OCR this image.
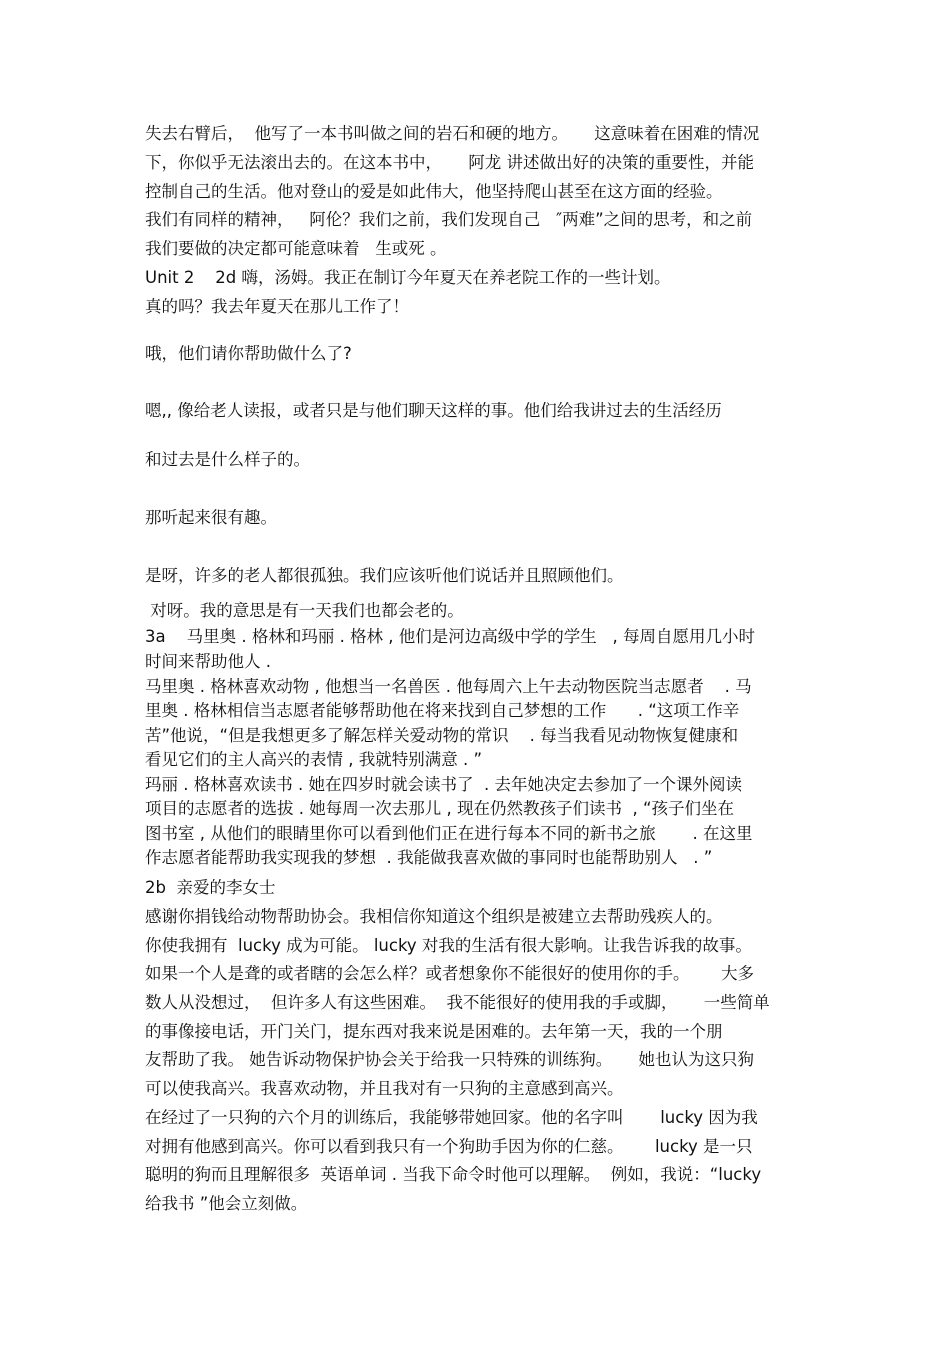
失去右臂后，  他写了一本书叫做之间的岩石和硬的地方。     这意味着在困难的情况

下，你似乎无法滚出去的。在这本书中，     阿龙 讲述做出好的决策的重要性，并能

控制自己的生活。他对登山的爱是如此伟大，他坚持爬山甚至在这方面的经验。

我们有同样的精神，   阿伦？我们之前，我们发现自己   ″两难”之间的思考，和之前

我们要做的决定都可能意味着   生或死 。

Unit 2    2d 嗨，汤姆。我正在制订今年夏天在养老院工作的一些计划。

真的吗？我去年夏天在那儿工作了！

哦，他们请你帮助做什么了?

嗯,, 像给老人读报，或者只是与他们聊天这样的事。他们给我讲过去的生活经历

和过去是什么样子的。

那听起来很有趣。

是呀，许多的老人都很孤独。我们应该听他们说话并且照顾他们。

对呀。我的意思是有一天我们也都会老的。

3a    马里奥 . 格林和玛丽 . 格林 , 他们是河边高级中学的学生   , 每周自愿用几小时

时间来帮助他人 .

马里奥 . 格林喜欢动物 , 他想当一名兽医 . 他每周六上午去动物医院当志愿者    . 马

里奥 . 格林相信当志愿者能够帮助他在将来找到自己梦想的工作      . “这项工作辛

苦”他说，“但是我想更多了解怎样关爱动物的常识    . 每当我看见动物恢复健康和

看见它们的主人高兴的表情 , 我就特别满意 . ”

玛丽 . 格林喜欢读书 . 她在四岁时就会读书了  . 去年她决定去参加了一个课外阅读

项目的志愿者的选拔 . 她每周一次去那儿 , 现在仍然教孩子们读书  , “孩子们坐在

图书室 , 从他们的眼睛里你可以看到他们正在进行每本不同的新书之旅       . 在这里

作志愿者能帮助我实现我的梦想  . 我能做我喜欢做的事同时也能帮助别人   . ”

2b  亲爱的李女士

感谢你捐钱给动物帮助协会。我相信你知道这个组织是被建立去帮助残疾人的。

你使我拥有  lucky 成为可能。 lucky 对我的生活有很大影响。让我告诉我的故事。

如果一个人是聋的或者瞎的会怎么样？或者想象你不能很好的使用你的手。      大多

数人从没想过，  但许多人有这些困难。  我不能很好的使用我的手或脚，     一些简单

的事像接电话，开门关门，提东西对我来说是困难的。去年第一天，我的一个朋

友帮助了我。 她告诉动物保护协会关于给我一只特殊的训练狗。     她也认为这只狗

可以使我高兴。我喜欢动物，并且我对有一只狗的主意感到高兴。

在经过了一只狗的六个月的训练后，我能够带她回家。他的名字叫       lucky 因为我

对拥有他感到高兴。你可以看到我只有一个狗助手因为你的仁慈。      lucky 是一只

聪明的狗而且理解很多  英语单词 . 当我下命令时他可以理解。  例如，我说：“lucky

给我书 ”他会立刻做。
